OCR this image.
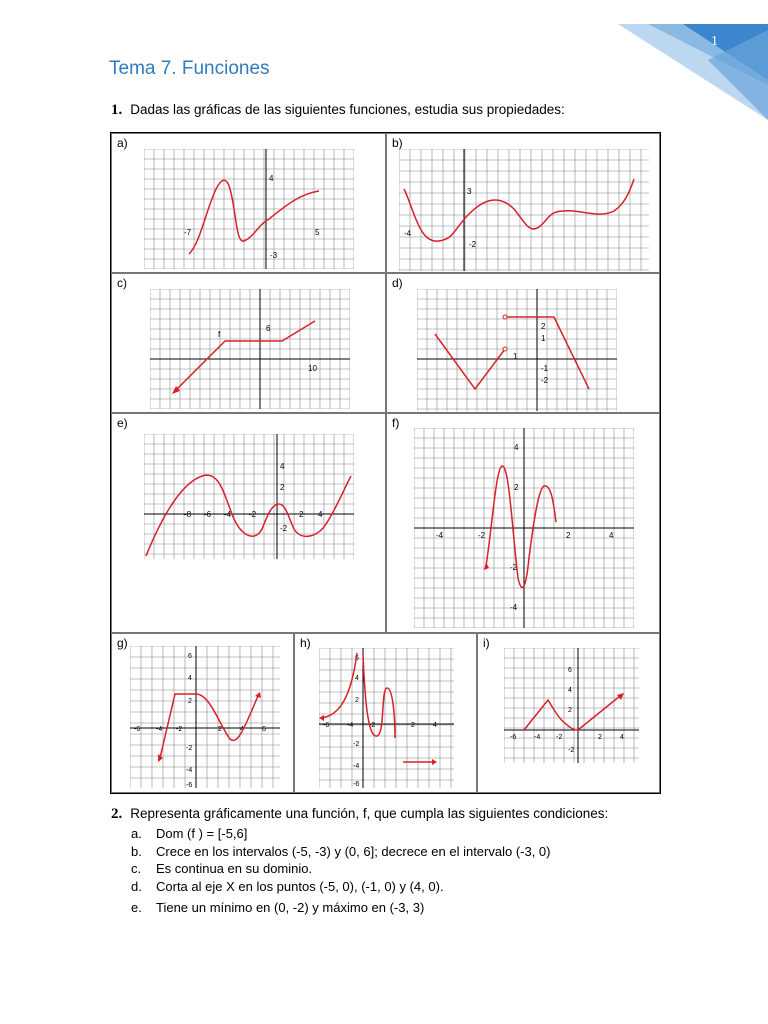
1
Tema 7. Funciones
1. Dadas las gráficas de las siguientes funciones, estudia sus propiedades:
a)
4
-7
-3
5
b)
3
-4
-2
c)
f
6
10
d)
2
1
1
-1
-2
e)
4
2
-8 -6 -4 -2	2 4
-2
f)
4
2
-4	-2	2	4
-2
-4
g)
6
4
2
-6 -4 -2	2	4	6
-2
-4
-6
h)
6
4
2
-6	-4 -2	2	4
-2
-4
-6
i)
6
4
2
-6	-4 -2	2	4
-2
2. Representa gráficamente una función, f, que cumpla las siguientes condiciones:
a. Dom (f ) = [-5,6]
b. Crece en los intervalos (-5, -3) y (0, 6]; decrece en el intervalo (-3, 0)
c. Es continua en su dominio.
d. Corta al eje X en los puntos (-5, 0), (-1, 0) y (4, 0).
e. Tiene un mínimo en (0, -2) y máximo en (-3, 3)
